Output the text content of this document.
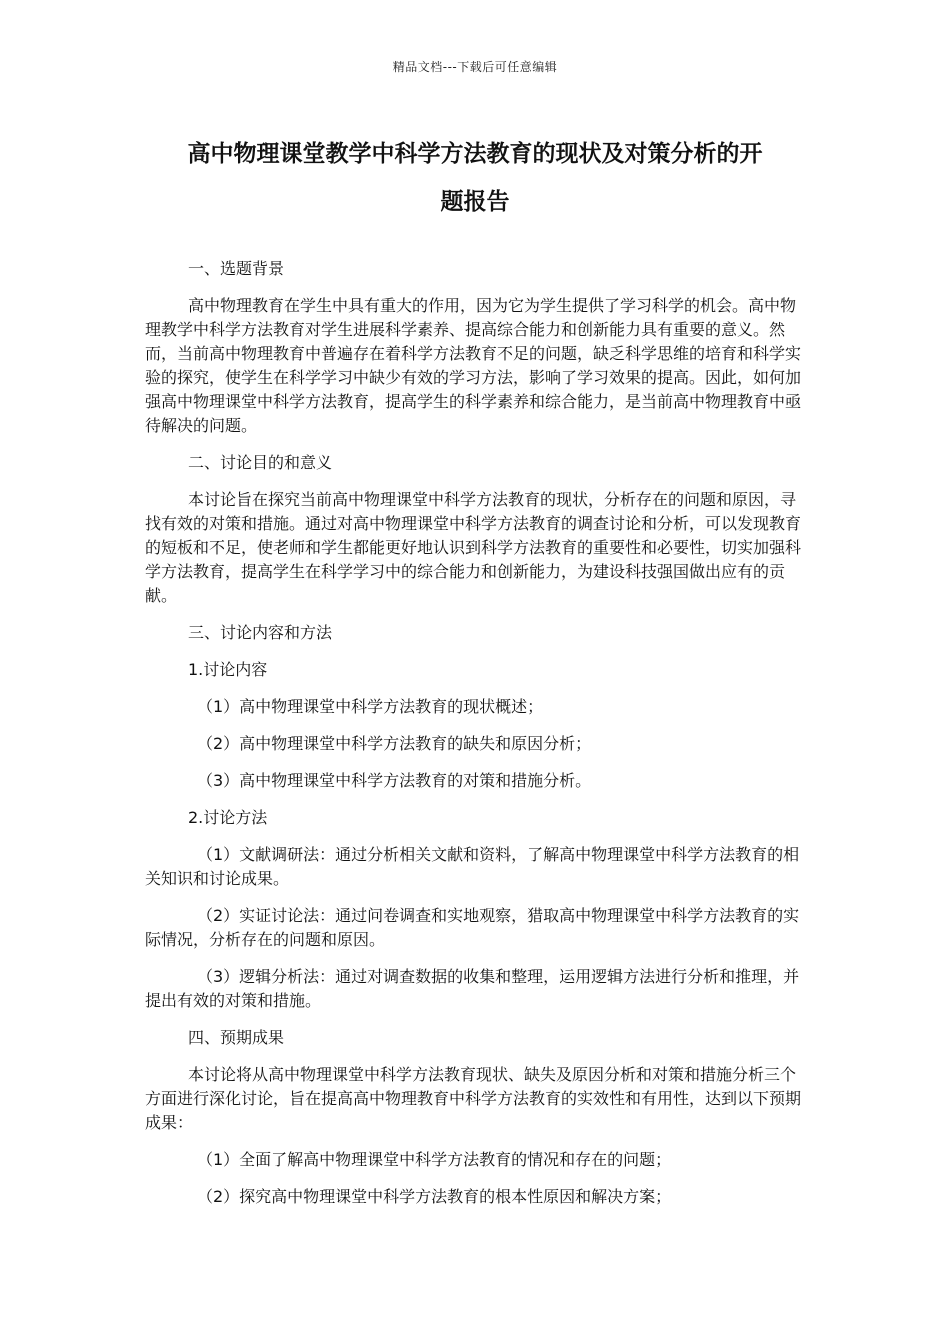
精品文档---下载后可任意编辑
高中物理课堂教学中科学方法教育的现状及对策分析的开
题报告

一、选题背景

高中物理教育在学生中具有重大的作用，因为它为学生提供了学习科学的机会。高中物理教学中科学方法教育对学生进展科学素养、提高综合能力和创新能力具有重要的意义。然而，当前高中物理教育中普遍存在着科学方法教育不足的问题，缺乏科学思维的培育和科学实验的探究，使学生在科学学习中缺少有效的学习方法，影响了学习效果的提高。因此，如何加强高中物理课堂中科学方法教育，提高学生的科学素养和综合能力，是当前高中物理教育中亟待解决的问题。

二、讨论目的和意义

本讨论旨在探究当前高中物理课堂中科学方法教育的现状，分析存在的问题和原因，寻找有效的对策和措施。通过对高中物理课堂中科学方法教育的调查讨论和分析，可以发现教育的短板和不足，使老师和学生都能更好地认识到科学方法教育的重要性和必要性，切实加强科学方法教育，提高学生在科学学习中的综合能力和创新能力，为建设科技强国做出应有的贡献。

三、讨论内容和方法

1.讨论内容

（1）高中物理课堂中科学方法教育的现状概述；

（2）高中物理课堂中科学方法教育的缺失和原因分析；

（3）高中物理课堂中科学方法教育的对策和措施分析。

2.讨论方法

（1）文献调研法：通过分析相关文献和资料，了解高中物理课堂中科学方法教育的相关知识和讨论成果。

（2）实证讨论法：通过问卷调查和实地观察，猎取高中物理课堂中科学方法教育的实际情况，分析存在的问题和原因。

（3）逻辑分析法：通过对调查数据的收集和整理，运用逻辑方法进行分析和推理，并提出有效的对策和措施。

四、预期成果

本讨论将从高中物理课堂中科学方法教育现状、缺失及原因分析和对策和措施分析三个方面进行深化讨论，旨在提高高中物理教育中科学方法教育的实效性和有用性，达到以下预期成果：

（1）全面了解高中物理课堂中科学方法教育的情况和存在的问题；

（2）探究高中物理课堂中科学方法教育的根本性原因和解决方案；
